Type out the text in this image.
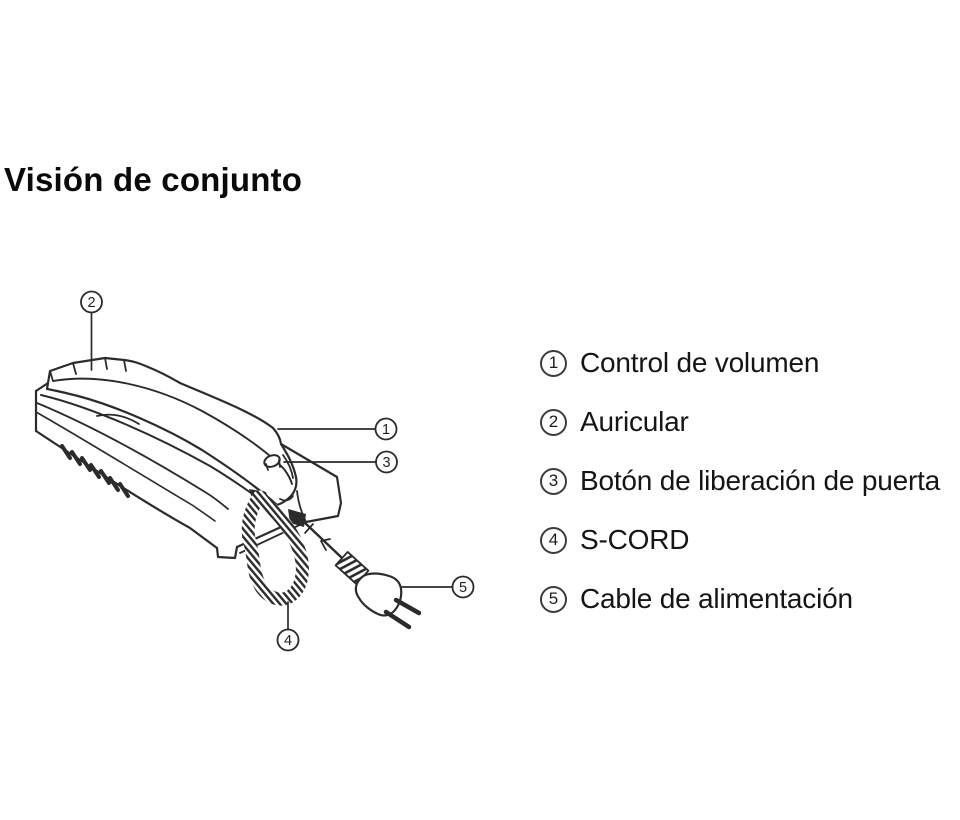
Visión de conjunto
1
2
3
4
5
1 Control de volumen
2 Auricular
3 Botón de liberación de puerta
4 S-CORD
5 Cable de alimentación
